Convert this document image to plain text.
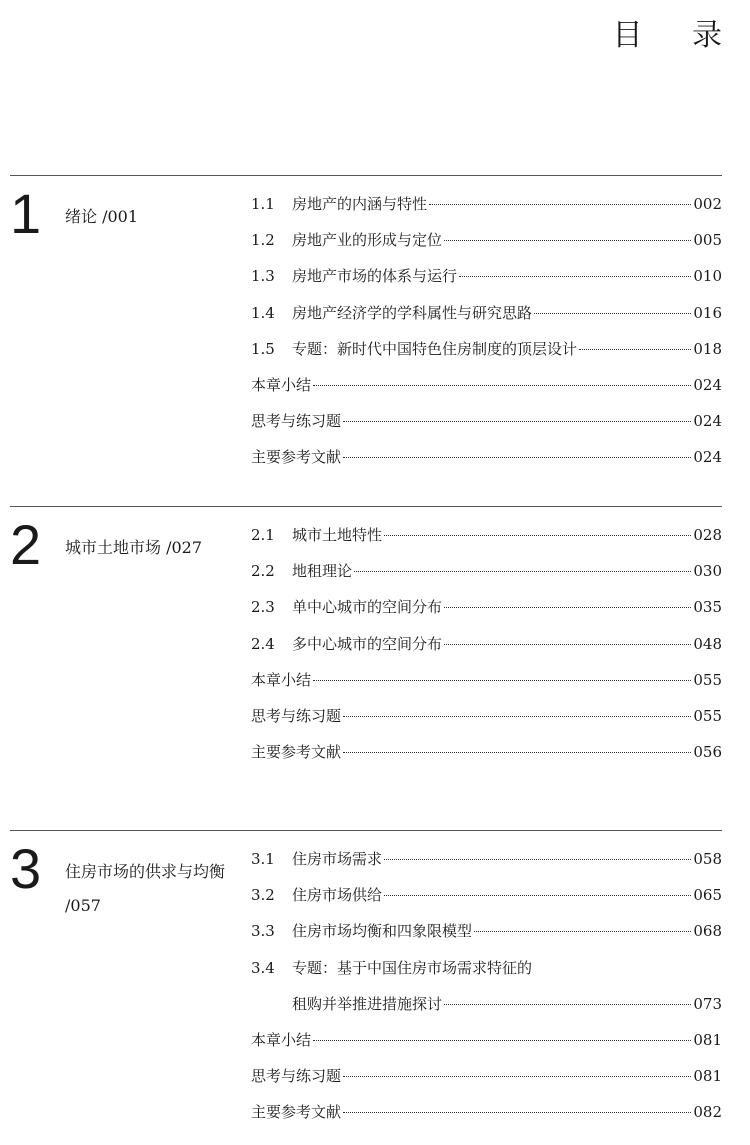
目 录
1 绪论 /001
1.1	房地产的内涵与特性	002
1.2	房地产业的形成与定位	005
1.3	房地产市场的体系与运行	010
1.4	房地产经济学的学科属性与研究思路	016
1.5	专题：新时代中国特色住房制度的顶层设计	018
本章小结	024
思考与练习题	024
主要参考文献	024
2 城市土地市场 /027
2.1	城市土地特性	028
2.2	地租理论	030
2.3	单中心城市的空间分布	035
2.4	多中心城市的空间分布	048
本章小结	055
思考与练习题	055
主要参考文献	056
3 住房市场的供求与均衡 /057
3.1	住房市场需求	058
3.2	住房市场供给	065
3.3	住房市场均衡和四象限模型	068
3.4	专题：基于中国住房市场需求特征的
租购并举推进措施探讨	073
本章小结	081
思考与练习题	081
主要参考文献	082
